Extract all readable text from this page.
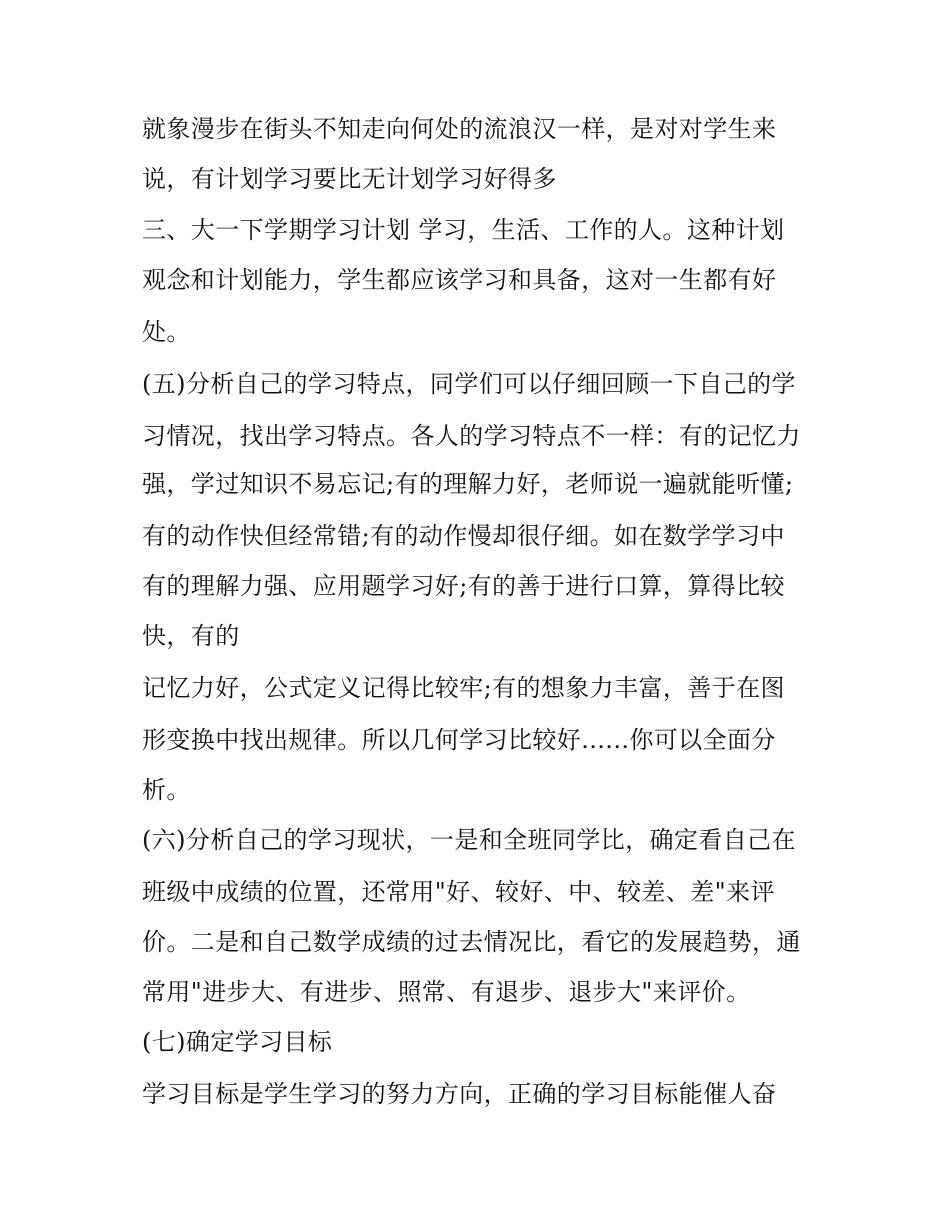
就象漫步在街头不知走向何处的流浪汉一样，是对对学生来
说，有计划学习要比无计划学习好得多
三、大一下学期学习计划 学习，生活、工作的人。这种计划
观念和计划能力，学生都应该学习和具备，这对一生都有好
处。
(五)分析自己的学习特点，同学们可以仔细回顾一下自己的学
习情况，找出学习特点。各人的学习特点不一样：有的记忆力
强，学过知识不易忘记;有的理解力好，老师说一遍就能听懂;
有的动作快但经常错;有的动作慢却很仔细。如在数学学习中
有的理解力强、应用题学习好;有的善于进行口算，算得比较
快，有的
记忆力好，公式定义记得比较牢;有的想象力丰富，善于在图
形变换中找出规律。所以几何学习比较好......你可以全面分
析。
(六)分析自己的学习现状，一是和全班同学比，确定看自己在
班级中成绩的位置，还常用"好、较好、中、较差、差"来评
价。二是和自己数学成绩的过去情况比，看它的发展趋势，通
常用"进步大、有进步、照常、有退步、退步大"来评价。
(七)确定学习目标
学习目标是学生学习的努力方向，正确的学习目标能催人奋
